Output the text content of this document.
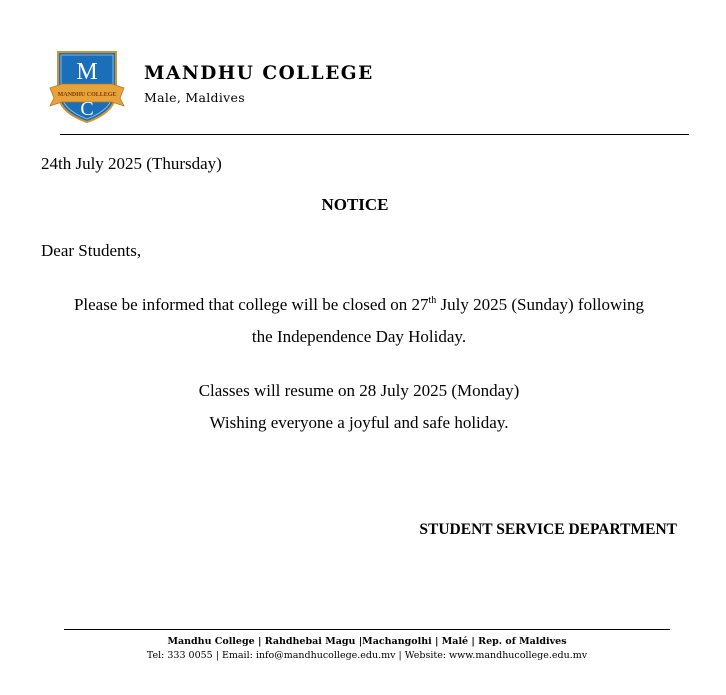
M
MANDHU COLLEGE
C
MANDHU COLLEGE
Male, Maldives
24th July 2025 (Thursday)
NOTICE
Dear Students,
Please be informed that college will be closed on 27th July 2025 (Sunday) following
the Independence Day Holiday.
Classes will resume on 28 July 2025 (Monday)
Wishing everyone a joyful and safe holiday.
STUDENT SERVICE DEPARTMENT
Mandhu College | Rahdhebai Magu |Machangolhi | Malé | Rep. of Maldives
Tel: 333 0055 | Email: info@mandhucollege.edu.mv | Website: www.mandhucollege.edu.mv
